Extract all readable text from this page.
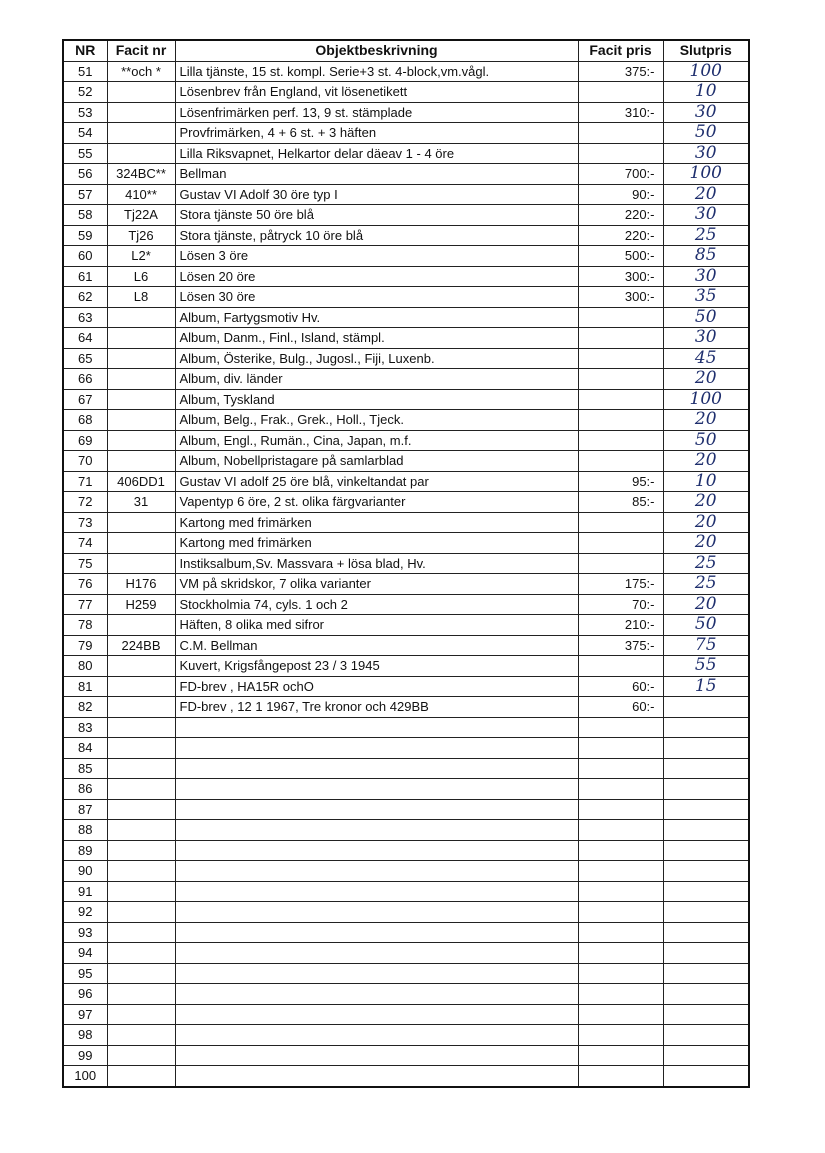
NR	Facit nr	Objektbeskrivning	Facit pris	Slutpris
51	**och *	Lilla tjänste, 15 st. kompl. Serie+3 st. 4-block,vm.vågl.	375:-	100
52		Lösenbrev från England, vit lösenetikett		10
53		Lösenfrimärken perf. 13, 9 st. stämplade	310:-	30
54		Provfrimärken, 4 + 6 st. + 3 häften		50
55		Lilla Riksvapnet, Helkartor delar däeav 1 - 4 öre		30
56	324BC**	Bellman	700:-	100
57	410**	Gustav VI Adolf 30 öre typ I	90:-	20
58	Tj22A	Stora tjänste 50 öre blå	220:-	30
59	Tj26	Stora tjänste, påtryck 10 öre blå	220:-	25
60	L2*	Lösen 3 öre	500:-	85
61	L6	Lösen 20 öre	300:-	30
62	L8	Lösen 30 öre	300:-	35
63		Album, Fartygsmotiv Hv.		50
64		Album, Danm., Finl., Island, stämpl.		30
65		Album, Österike, Bulg., Jugosl., Fiji, Luxenb.		45
66		Album, div. länder		20
67		Album, Tyskland		100
68		Album, Belg., Frak., Grek., Holl., Tjeck.		20
69		Album, Engl., Rumän., Cina, Japan, m.f.		50
70		Album, Nobellpristagare på samlarblad		20
71	406DD1	Gustav VI adolf 25 öre blå, vinkeltandat par	95:-	10
72	31	Vapentyp 6 öre, 2 st. olika färgvarianter	85:-	20
73		Kartong med frimärken		20
74		Kartong med frimärken		20
75		Instiksalbum,Sv. Massvara + lösa blad, Hv.		25
76	H176	VM på skridskor, 7 olika varianter	175:-	25
77	H259	Stockholmia 74, cyls. 1 och 2	70:-	20
78		Häften, 8 olika med sifror	210:-	50
79	224BB	C.M. Bellman	375:-	75
80		Kuvert, Krigsfångepost 23 / 3 1945		55
81		FD-brev , HA15R ochO	60:-	15
82		FD-brev , 12 1 1967, Tre kronor och 429BB	60:-	
83				
84				
85				
86				
87				
88				
89				
90				
91				
92				
93				
94				
95				
96				
97				
98				
99				
100				
